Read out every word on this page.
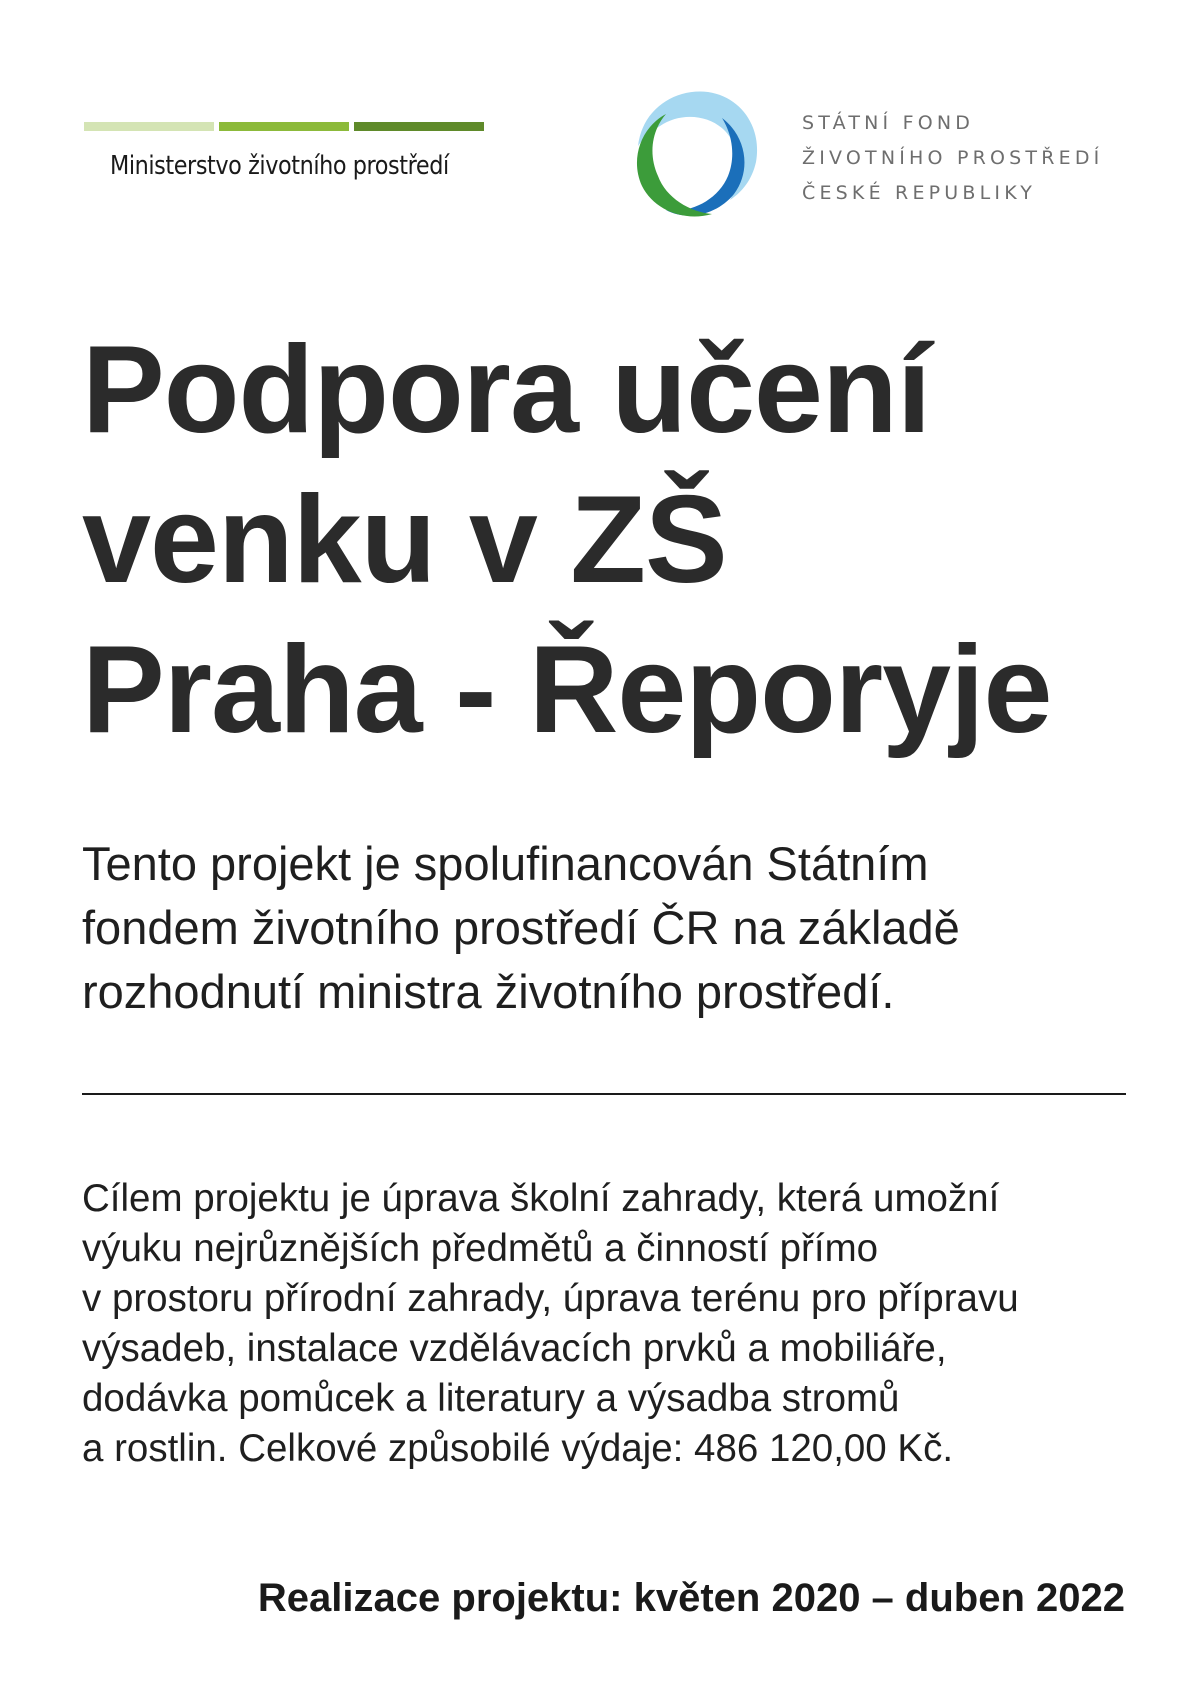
Ministerstvo životního prostředí
STÁTNÍ FOND
ŽIVOTNÍHO PROSTŘEDÍ
ČESKÉ REPUBLIKY
Podpora učení
venku v ZŠ
Praha - Řeporyje
Tento projekt je spolufinancován Státním
fondem životního prostředí ČR na základě
rozhodnutí ministra životního prostředí.
Cílem projektu je úprava školní zahrady, která umožní
výuku nejrůznějších předmětů a činností přímo
v prostoru přírodní zahrady, úprava terénu pro přípravu
výsadeb, instalace vzdělávacích prvků a mobiliáře,
dodávka pomůcek a literatury a výsadba stromů
a rostlin. Celkové způsobilé výdaje: 486 120,00 Kč.
Realizace projektu: květen 2020 – duben 2022
